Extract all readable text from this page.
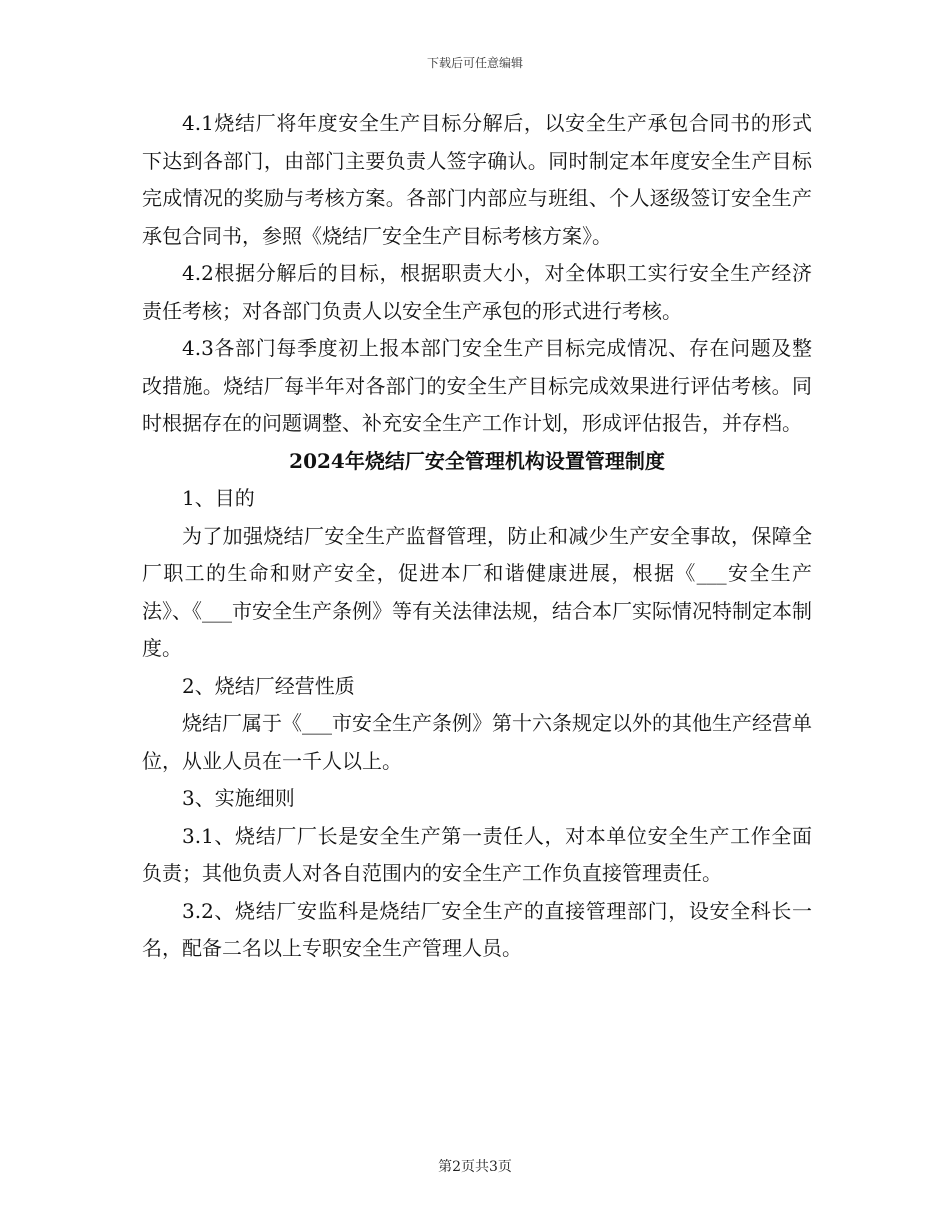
下载后可任意编辑

4.1烧结厂将年度安全生产目标分解后，以安全生产承包合同书的形式下达到各部门，由部门主要负责人签字确认。同时制定本年度安全生产目标完成情况的奖励与考核方案。各部门内部应与班组、个人逐级签订安全生产承包合同书，参照《烧结厂安全生产目标考核方案》。

4.2根据分解后的目标，根据职责大小，对全体职工实行安全生产经济责任考核；对各部门负责人以安全生产承包的形式进行考核。

4.3各部门每季度初上报本部门安全生产目标完成情况、存在问题及整改措施。烧结厂每半年对各部门的安全生产目标完成效果进行评估考核。同时根据存在的问题调整、补充安全生产工作计划，形成评估报告，并存档。

2024年烧结厂安全管理机构设置管理制度

1、目的

为了加强烧结厂安全生产监督管理，防止和减少生产安全事故，保障全厂职工的生命和财产安全，促进本厂和谐健康进展，根据《___安全生产法》、《___市安全生产条例》等有关法律法规，结合本厂实际情况特制定本制度。

2、烧结厂经营性质

烧结厂属于《___市安全生产条例》第十六条规定以外的其他生产经营单位，从业人员在一千人以上。

3、实施细则

3.1、烧结厂厂长是安全生产第一责任人，对本单位安全生产工作全面负责；其他负责人对各自范围内的安全生产工作负直接管理责任。

3.2、烧结厂安监科是烧结厂安全生产的直接管理部门，设安全科长一名，配备二名以上专职安全生产管理人员。

第2页共3页
